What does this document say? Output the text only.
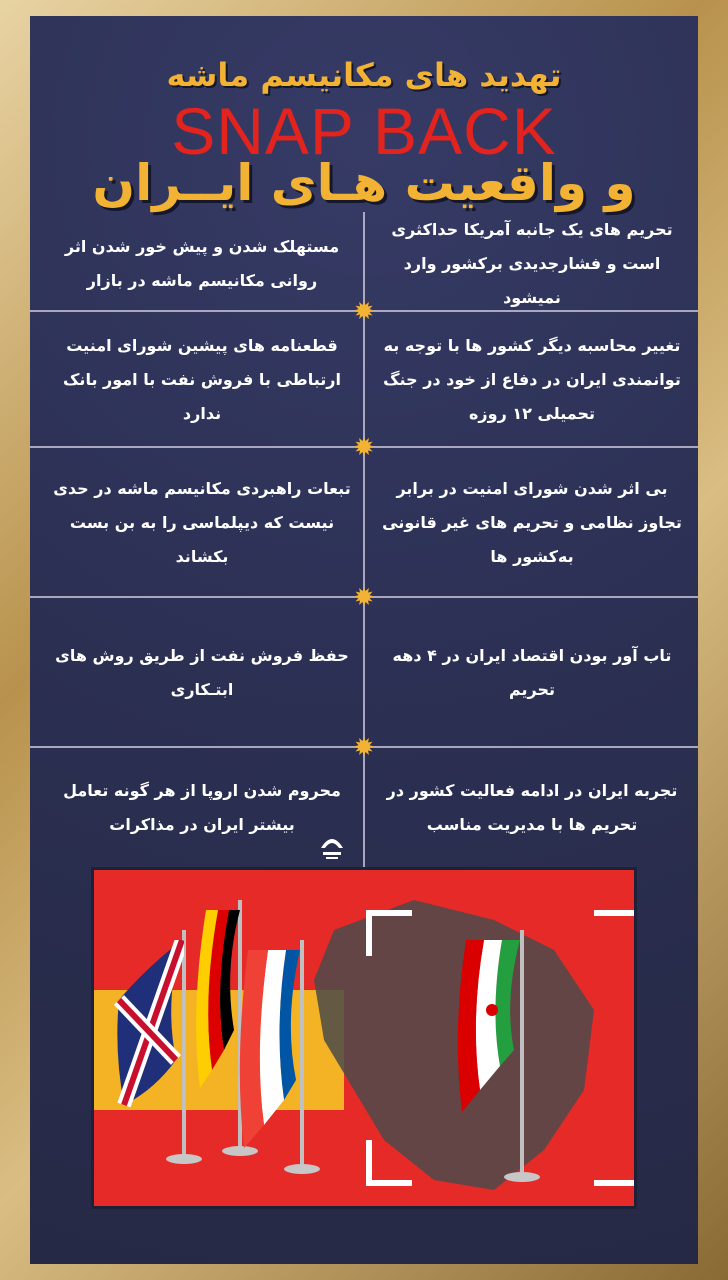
تهدید های مکانیسم ماشه
SNAP BACK
و واقعیت هـای ایــران
✹
✹
✹
✹
تحریم های یک جانبه آمریکا حداکثری است و فشارجدیدی برکشور وارد نمیشود
مستهلک شدن و پیش خور شدن اثر روانی مکانیسم ماشه در بازار
تغییر محاسبه دیگر کشور ها با توجه به توانمندی ایران در دفاع از خود در جنگ تحمیلی ۱۲ روزه
قطعنامه های پیشین شورای امنیت ارتباطی با فروش نفت با امور بانک ندارد
بی اثر شدن شورای امنیت در برابر تجاوز نظامی و تحریم های غیر قانونی به‌کشور ها
تبعات راهبردی مکانیسم ماشه در حدی نیست که دیپلماسی را به بن بست بکشاند
تاب آور بودن اقتصاد ایران در ۴ دهه تحریم
حفظ فروش نفت از طریق روش های ابتـکاری
تجربه ایران در ادامه فعالیت کشور در تحریم ها با مدیریت مناسب
محروم شدن اروپا از هر گونه تعامل بیشتر ایران در مذاکرات
